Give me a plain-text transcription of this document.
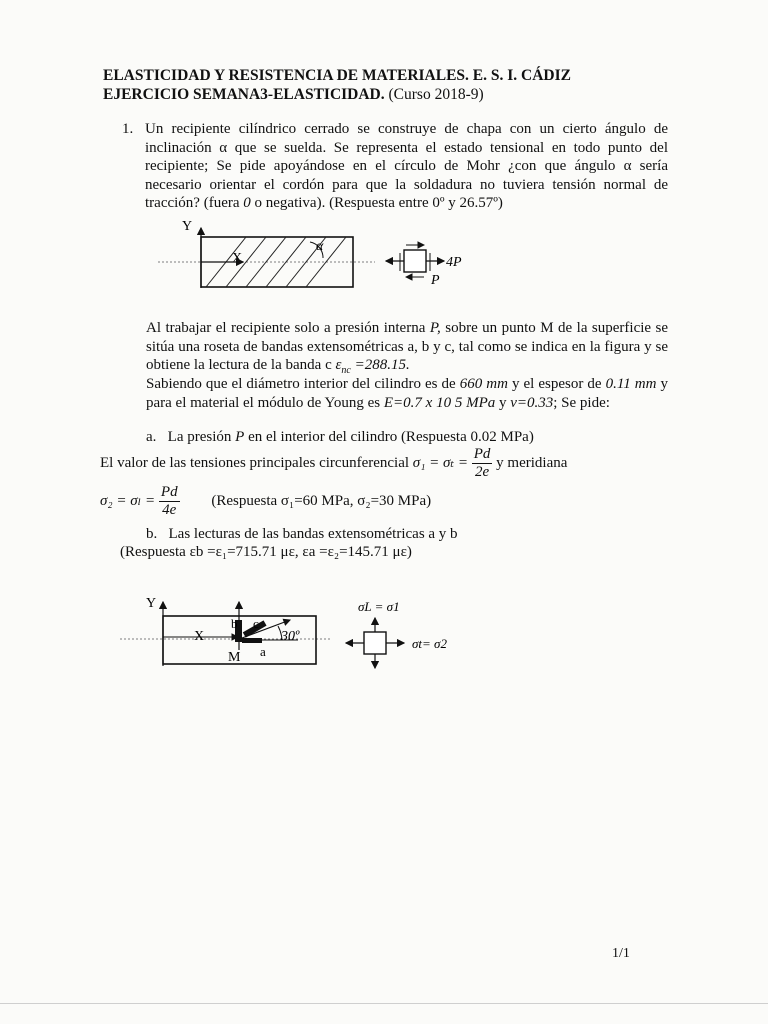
ELASTICIDAD Y RESISTENCIA DE MATERIALES. E. S. I. CÁDIZ
EJERCICIO SEMANA3-ELASTICIDAD. (Curso 2018-9)
1. Un recipiente cilíndrico cerrado se construye de chapa con un cierto ángulo de inclinación α que se suelda. Se representa el estado tensional en todo punto del recipiente; Se pide apoyándose en el círculo de Mohr ¿con que ángulo α sería necesario orientar el cordón para que la soldadura no tuviera tensión normal de tracción? (fuera 0 o negativa). (Respuesta entre 0º y 26.57º)
Y
X
α
4P
P
Al trabajar el recipiente solo a presión interna P, sobre un punto M de la superficie se sitúa una roseta de bandas extensométricas a, b y c, tal como se indica en la figura y se obtiene la lectura de la banda c $\varepsilon_{nc} =288.15$.
Sabiendo que el diámetro interior del cilindro es de 660 mm y el espesor de 0.11 mm y para el material el módulo de Young es E=0.7 x 10 5 MPa y ν=0.33; Se pide:
a. La presión P en el interior del cilindro (Respuesta 0.02 MPa)
El valor de las tensiones principales circunferencial $\sigma_1 = \sigma_t = \frac{Pd}{2e}$ y meridiana
$\sigma_2 = \sigma_l = \frac{Pd}{4e}$ (Respuesta σ₁=60 MPa, σ₂=30 MPa)
b. Las lecturas de las bandas extensométricas a y b
(Respuesta εb =ε₁=715.71 με, εa =ε₂=145.71 με)
Y
X
b c
30º
M a
σL = σ1
σt= σ2
1/1
